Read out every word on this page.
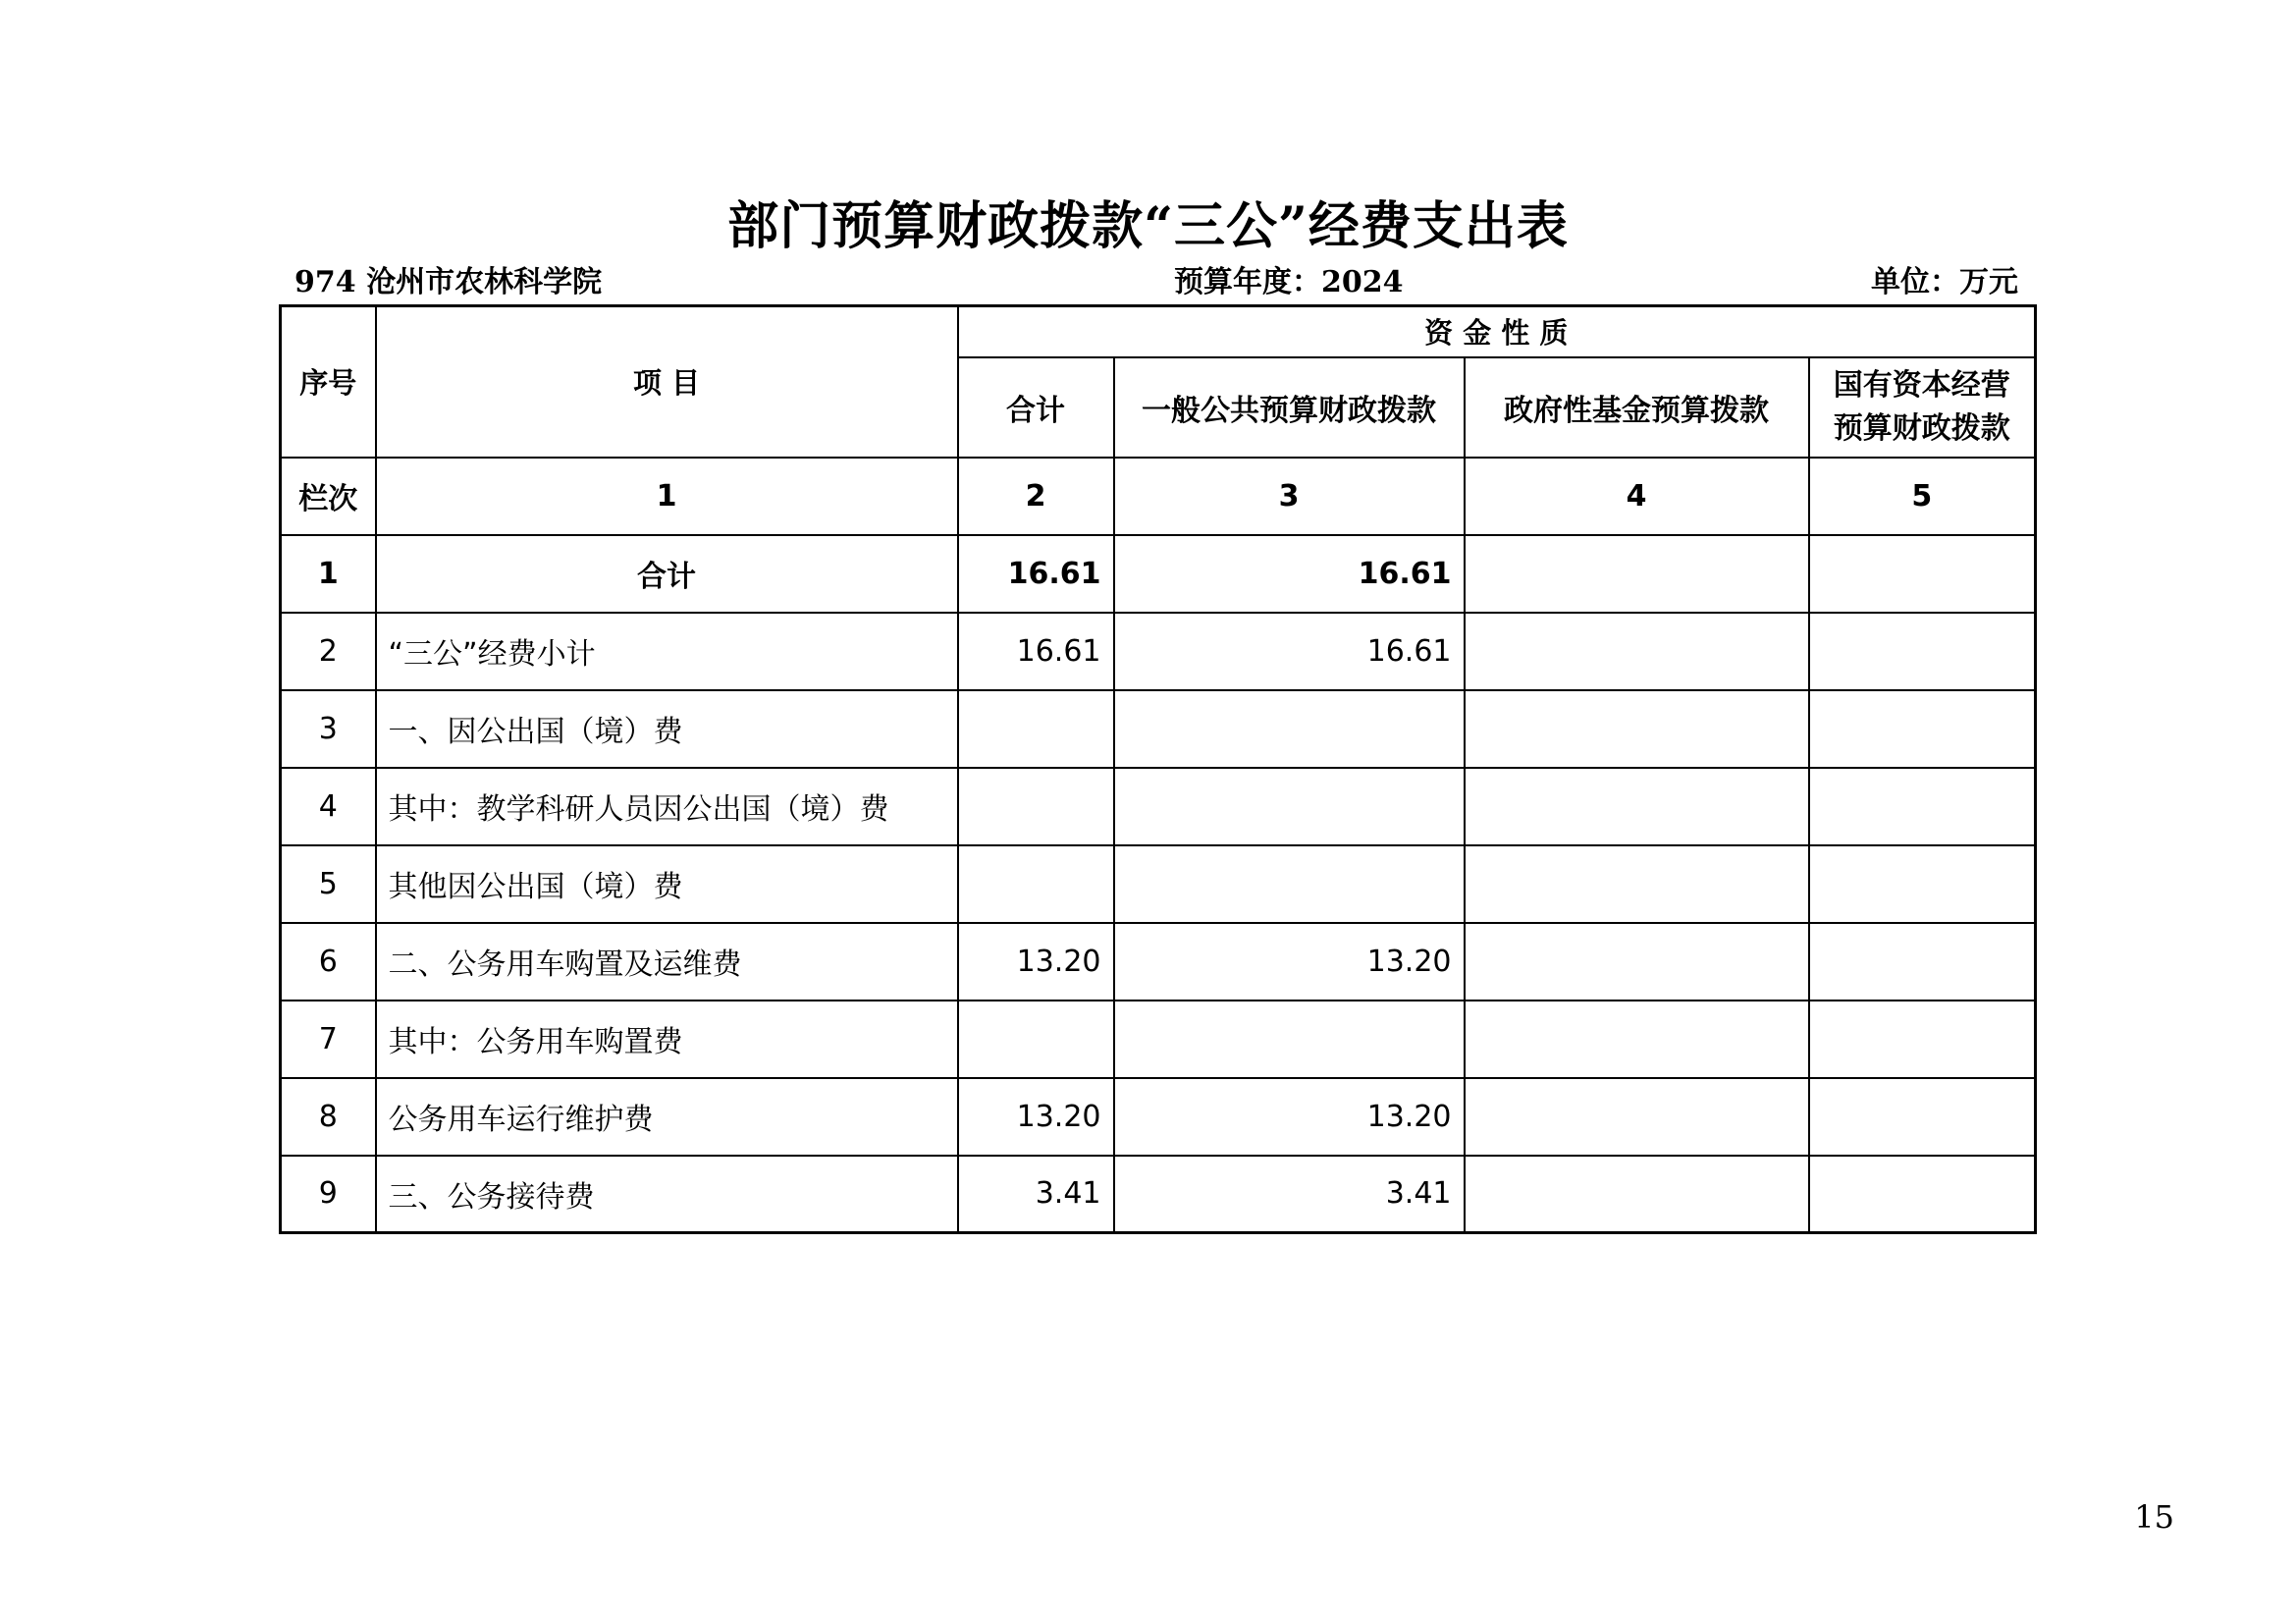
部门预算财政拨款“三公”经费支出表
974 沧州市农林科学院	预算年度：2024	单位：万元
序号	项 目	资 金 性 质			
		合计	一般公共预算财政拨款	政府性基金预算拨款	国有资本经营
预算财政拨款

栏次	1	2	3	4	5
1	合计	16.61	16.61		
2	“三公”经费小计	16.61	16.61		
3	一、因公出国（境）费				
4	其中：教学科研人员因公出国（境）费				
5	其他因公出国（境）费				
6	二、公务用车购置及运维费	13.20	13.20		
7	其中：公务用车购置费				
8	公务用车运行维护费	13.20	13.20		
9	三、公务接待费	3.41	3.41		
15
